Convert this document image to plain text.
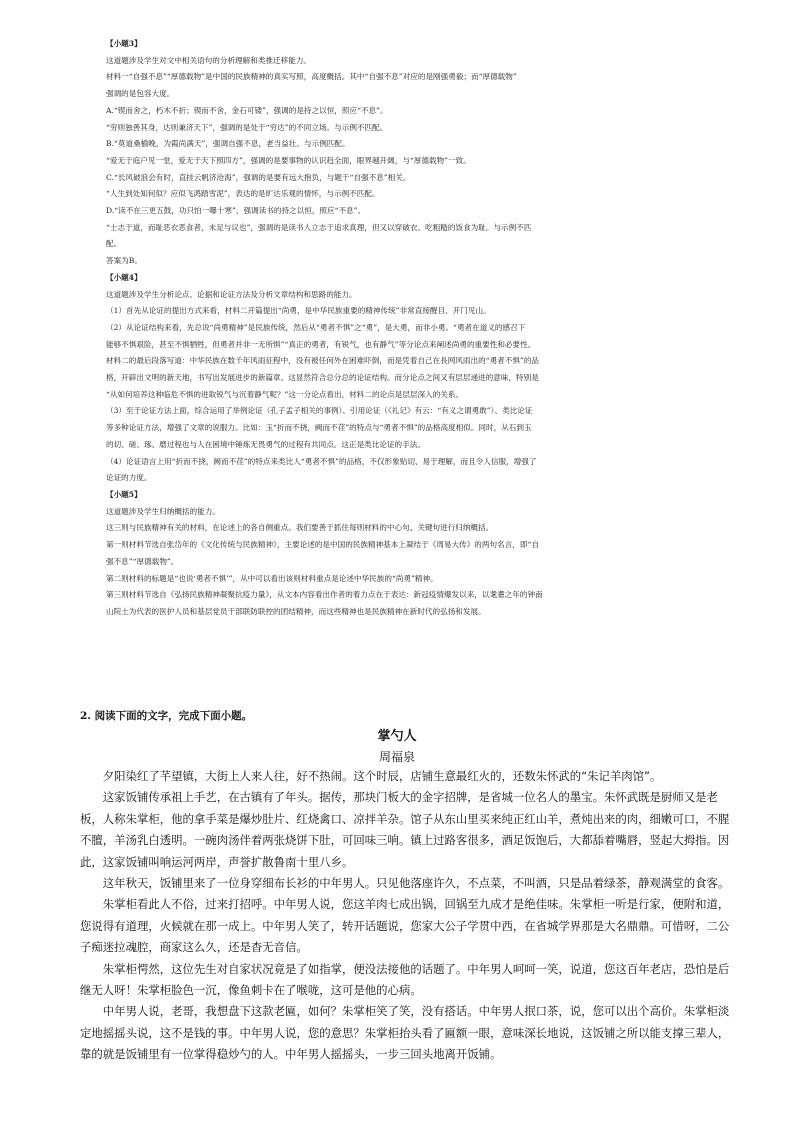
【小题3】

这道题涉及学生对文中相关语句的分析理解和类推迁移能力。

材料一“自强不息”“厚德载物”是中国的民族精神的真实写照，高度概括。其中“自强不息”对应的是刚强勇毅；而“厚德载物”

强调的是包容大度。

A.“锲而舍之，朽木不折；锲而不舍，金石可镂”，强调的是持之以恒，照应“不息”。

“穷则独善其身，达则兼济天下”，强调的是处于“穷达”的不同立场。与示例不匹配。

B.“莫道桑榆晚，为霞尚满天”，强调自强不息，老当益壮。与示例匹配。

“爱无于庭户见一堂，爱无于天下照四方”，强调的是要事物的认识趋全面，眼界越开阔，与“厚德载物”一致。

C.“长风破浪会有时，直挂云帆济沧海”，强调的是要有远大抱负，与题干“自强不息”相关。

“人生到处知何似？应似飞鸿踏雪泥”，表达的是旷达乐观的情怀，与示例不匹配。

D.“读不在三更五鼓，功只怕一曝十寒”，强调读书的持之以恒，照应“不息”。

“士志于道，而耻恶衣恶食者，未足与议也”，强调的是读书人立志于追求真理，但又以穿破衣、吃粗糙的饭食为耻。与示例不匹

配。

答案为B。

【小题4】

这道题涉及学生分析论点、论据和论证方法及分析文章结构和思路的能力。

（1）首先从论证的提出方式来看，材料二开篇提出“尚勇，是中华民族重要的精神传统”非常直接醒目、开门见山。

（2）从论证结构来看，先总说“尚勇精神”是民族传统，然后从“勇者不惧”之“勇”，是大勇，而非小勇。“勇者在道义的感召下

能够不惧艰险，甚至不惧牺牲，但勇者并非一无所惧”“真正的勇者，有锐气，也有静气”等分论点来阐述尚勇的重要性和必要性。

材料二的最后段落写道：中华民族在数千年风雨征程中，没有被任何外在困难吓倒，而是凭着自己在長网风雨出的“勇者不惧”的品

格，开辟出文明的新天地，书写出发展进步的新篇章。这显然符合总分总的论证结构。而分论点之间又有层层递进的意味，特别是

“从如何培养这种临危不惧的进取锐气与沉着静气呢？”这一分论点看出，材料二的论点是层层深入的关系。

（3）至于论证方法上面，综合运用了举例论证（孔子孟子相关的事例）、引用论证（《礼记》有云：“有义之谓勇敢”）、类比论证

等多种论证方法，增强了文章的说服力。比如：玉“折而不挠，阙而不荏”的特点与“勇者不惧”的品格高度相似。同时，从石到玉

的切、磋、琢、磨过程也与人在困境中锤炼无畏勇气的过程有共同点。这正是类比论证的手法。

（4）论证语言上用“折而不挠，阙而不荏”的特点来类比人“勇者不惧”的品格，不仅形象贴切、易于理解，而且令人信服，增强了

论证的力度。

【小题5】

这道题涉及学生归纳概括的能力。

这三则与民族精神有关的材料，在论述上的各自侧重点。我们要善于抓住每则材料的中心句、关键句进行归纳概括。

第一则材料节选自张岱年的《文化传统与民族精神》，主要论述的是中国的民族精神基本上凝结于《周易大传》的两句名言，即“自

强不息”“厚德载物”。

第二则材料的标题是“也说‘勇者不惧’”，从中可以看出该则材料重点是论述中华民族的“尚勇”精神。

第三则材料节选自《弘扬民族精神凝聚抗疫力量》，从文本内容看出作者的着力点在于表达：新冠疫情爆发以来，以耄耋之年的钟南

山院士为代表的医护人员和基层党员干部联防联控的团结精神，而这些精神也是民族精神在新时代的弘扬和发展。

2. 阅读下面的文字，完成下面小题。

掌勺人

周福泉

　　夕阳染红了芊望镇，大街上人来人往，好不热闹。这个时辰，店铺生意最红火的，还数朱怀武的“朱记羊肉馆”。

　　这家饭铺传承祖上手艺，在古镇有了年头。据传，那块门板大的金字招牌，是省城一位名人的墨宝。朱怀武既是厨师又是老

板，人称朱掌柜，他的拿手菜是爆炒肚片、红烧禽口、凉拌羊杂。馆子从东山里买来纯正红山羊，煮炖出来的肉，细嫩可口，不腥

不膻，羊汤乳白透明。一碗肉汤伴着两张烧饼下肚，可回味三响。镇上过路客很多，酒足饭饱后，大都舔着嘴唇，竖起大拇指。因

此，这家饭铺叫响运河两岸，声誉扩散鲁南十里八乡。

　　这年秋天，饭铺里来了一位身穿细布长衫的中年男人。只见他落座许久，不点菜，不叫酒，只是品着绿茶，静观满堂的食客。

　　朱掌柜看此人不俗，过来打招呼。中年男人说，您这羊肉七成出锅，回锅至九成才是绝佳味。朱掌柜一听是行家，便附和道，

您说得有道理，火候就在那一成上。中年男人笑了，转开话题说，您家大公子学贯中西，在省城学界那是大名鼎鼎。可惜呀，二公

子痴迷拉魂腔，商家这么久，还是杳无音信。

　　朱掌柜愕然，这位先生对自家状况竟是了如指掌，便没法接他的话题了。中年男人呵呵一笑，说道，您这百年老店，恐怕是后

继无人呀！朱掌柜脸色一沉，像鱼刺卡在了喉咙，这可是他的心病。

　　中年男人说，老哥，我想盘下这款老匾，如何？朱掌柜笑了笑，没有搭话。中年男人抿口茶，说，您可以出个高价。朱掌柜淡

定地摇摇头说，这不是钱的事。中年男人说，您的意思？朱掌柜抬头看了匾额一眼，意味深长地说，这饭铺之所以能支撑三辈人，

靠的就是饭铺里有一位掌得稳炒勺的人。中年男人摇摇头，一步三回头地离开饭铺。
